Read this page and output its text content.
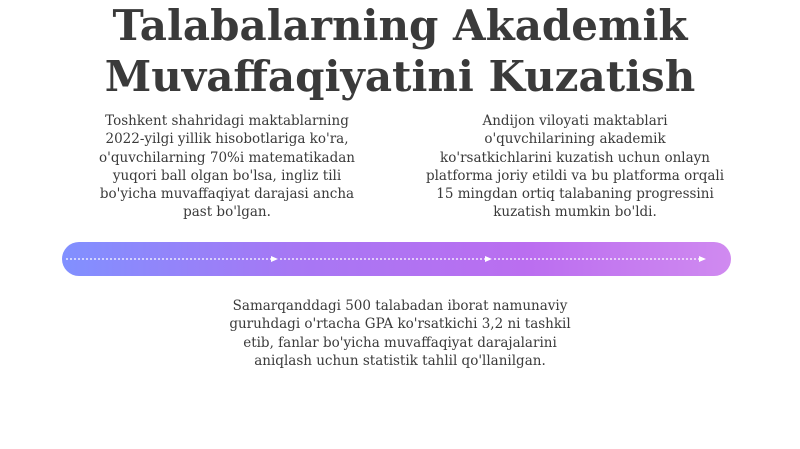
Talabalarning Akademik
Muvaffaqiyatini Kuzatish
Toshkent shahridagi maktablarning
2022-yilgi yillik hisobotlariga ko'ra,
o'quvchilarning 70%i matematikadan
yuqori ball olgan bo'lsa, ingliz tili
bo'yicha muvaffaqiyat darajasi ancha
past bo'lgan.
Andijon viloyati maktablari
o'quvchilarining akademik
ko'rsatkichlarini kuzatish uchun onlayn
platforma joriy etildi va bu platforma orqali
15 mingdan ortiq talabaning progressini
kuzatish mumkin bo'ldi.
Samarqanddagi 500 talabadan iborat namunaviy
guruhdagi o'rtacha GPA ko'rsatkichi 3,2 ni tashkil
etib, fanlar bo'yicha muvaffaqiyat darajalarini
aniqlash uchun statistik tahlil qo'llanilgan.
